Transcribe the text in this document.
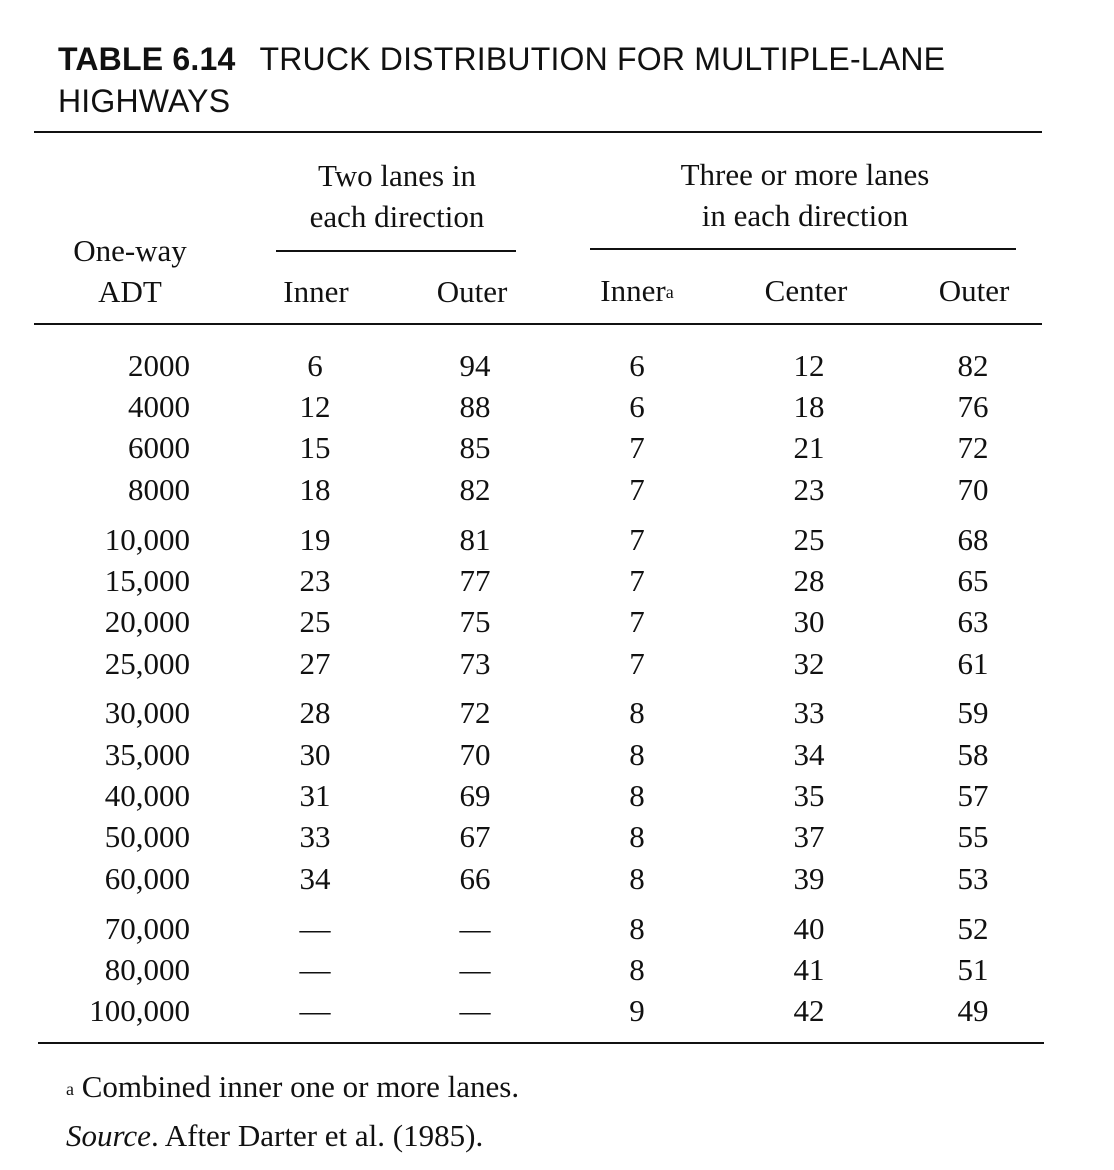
TABLE 6.14 TRUCK DISTRIBUTION FOR MULTIPLE-LANE
HIGHWAYS
Two lanes in
each direction
Three or more lanes
in each direction
One-way
ADT	Inner	Outer	Inner$^a$	Center	Outer
2000	6	94	6	12	82
4000	12	88	6	18	76
6000	15	85	7	21	72
8000	18	82	7	23	70
10,000	19	81	7	25	68
15,000	23	77	7	28	65
20,000	25	75	7	30	63
25,000	27	73	7	32	61
30,000	28	72	8	33	59
35,000	30	70	8	34	58
40,000	31	69	8	35	57
50,000	33	67	8	37	55
60,000	34	66	8	39	53
70,000	—	—	8	40	52
80,000	—	—	8	41	51
100,000	—	—	9	42	49
$^a$ Combined inner one or more lanes.
Source. After Darter et al. (1985).
